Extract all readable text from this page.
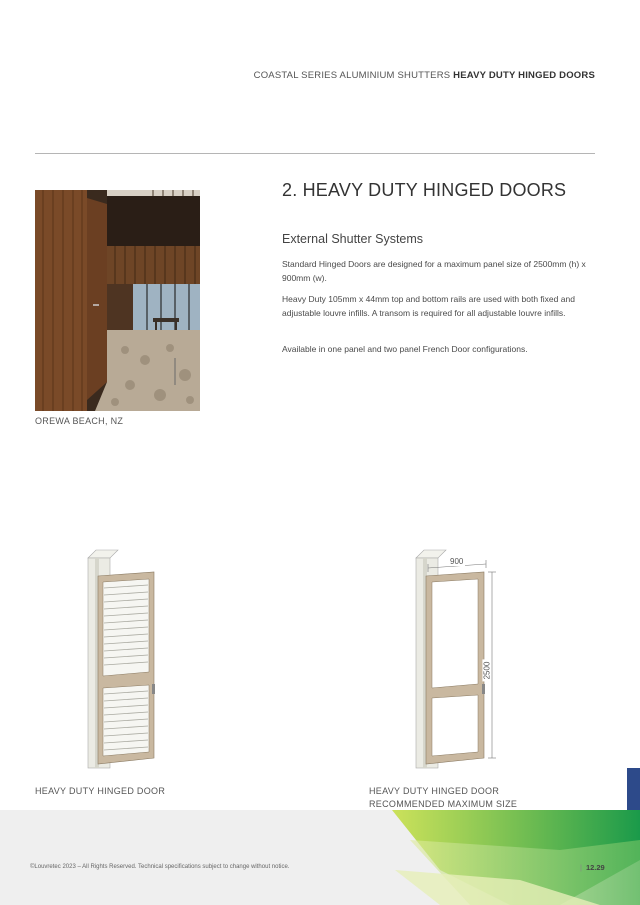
COASTAL SERIES ALUMINIUM SHUTTERS HEAVY DUTY HINGED DOORS
OREWA BEACH, NZ
2. HEAVY DUTY HINGED DOORS
External Shutter Systems

Standard Hinged Doors are designed for a maximum panel size of 2500mm (h) x 900mm (w).

Heavy Duty 105mm x 44mm top and bottom rails are used with both fixed and adjustable louvre infills. A transom is required for all adjustable louvre infills.

Available in one panel and two panel French Door configurations.

HEAVY DUTY HINGED DOOR
900
2500
HEAVY DUTY HINGED DOOR
RECOMMENDED MAXIMUM SIZE
©Louvretec 2023 – All Rights Reserved. Technical specifications subject to change without notice.	| 12.29
